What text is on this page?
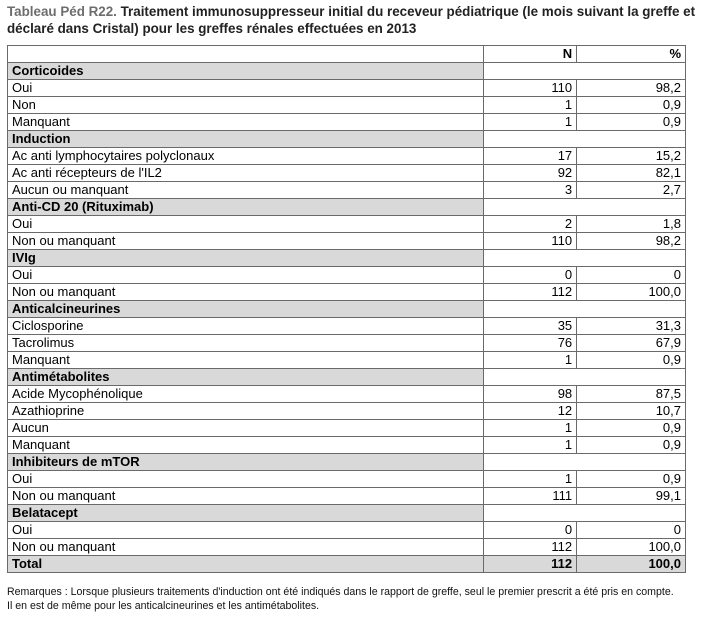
Tableau Péd R22. Traitement immunosuppresseur initial du receveur pédiatrique (le mois suivant la greffe et déclaré dans Cristal) pour les greffes rénales effectuées en 2013
	N	%
Corticoides		
Oui	110	98,2
Non	1	0,9
Manquant	1	0,9
Induction		
Ac anti lymphocytaires polyclonaux	17	15,2
Ac anti récepteurs de l'IL2	92	82,1
Aucun ou manquant	3	2,7
Anti-CD 20 (Rituximab)		
Oui	2	1,8
Non ou manquant	110	98,2
IVIg		
Oui	0	0
Non ou manquant	112	100,0
Anticalcineurines		
Ciclosporine	35	31,3
Tacrolimus	76	67,9
Manquant	1	0,9
Antimétabolites		
Acide Mycophénolique	98	87,5
Azathioprine	12	10,7
Aucun	1	0,9
Manquant	1	0,9
Inhibiteurs de mTOR		
Oui	1	0,9
Non ou manquant	111	99,1
Belatacept		
Oui	0	0
Non ou manquant	112	100,0
Total	112	100,0
Remarques : Lorsque plusieurs traitements d'induction ont été indiqués dans le rapport de greffe, seul le premier prescrit a été pris en compte.
Il en est de même pour les anticalcineurines et les antimétabolites.
